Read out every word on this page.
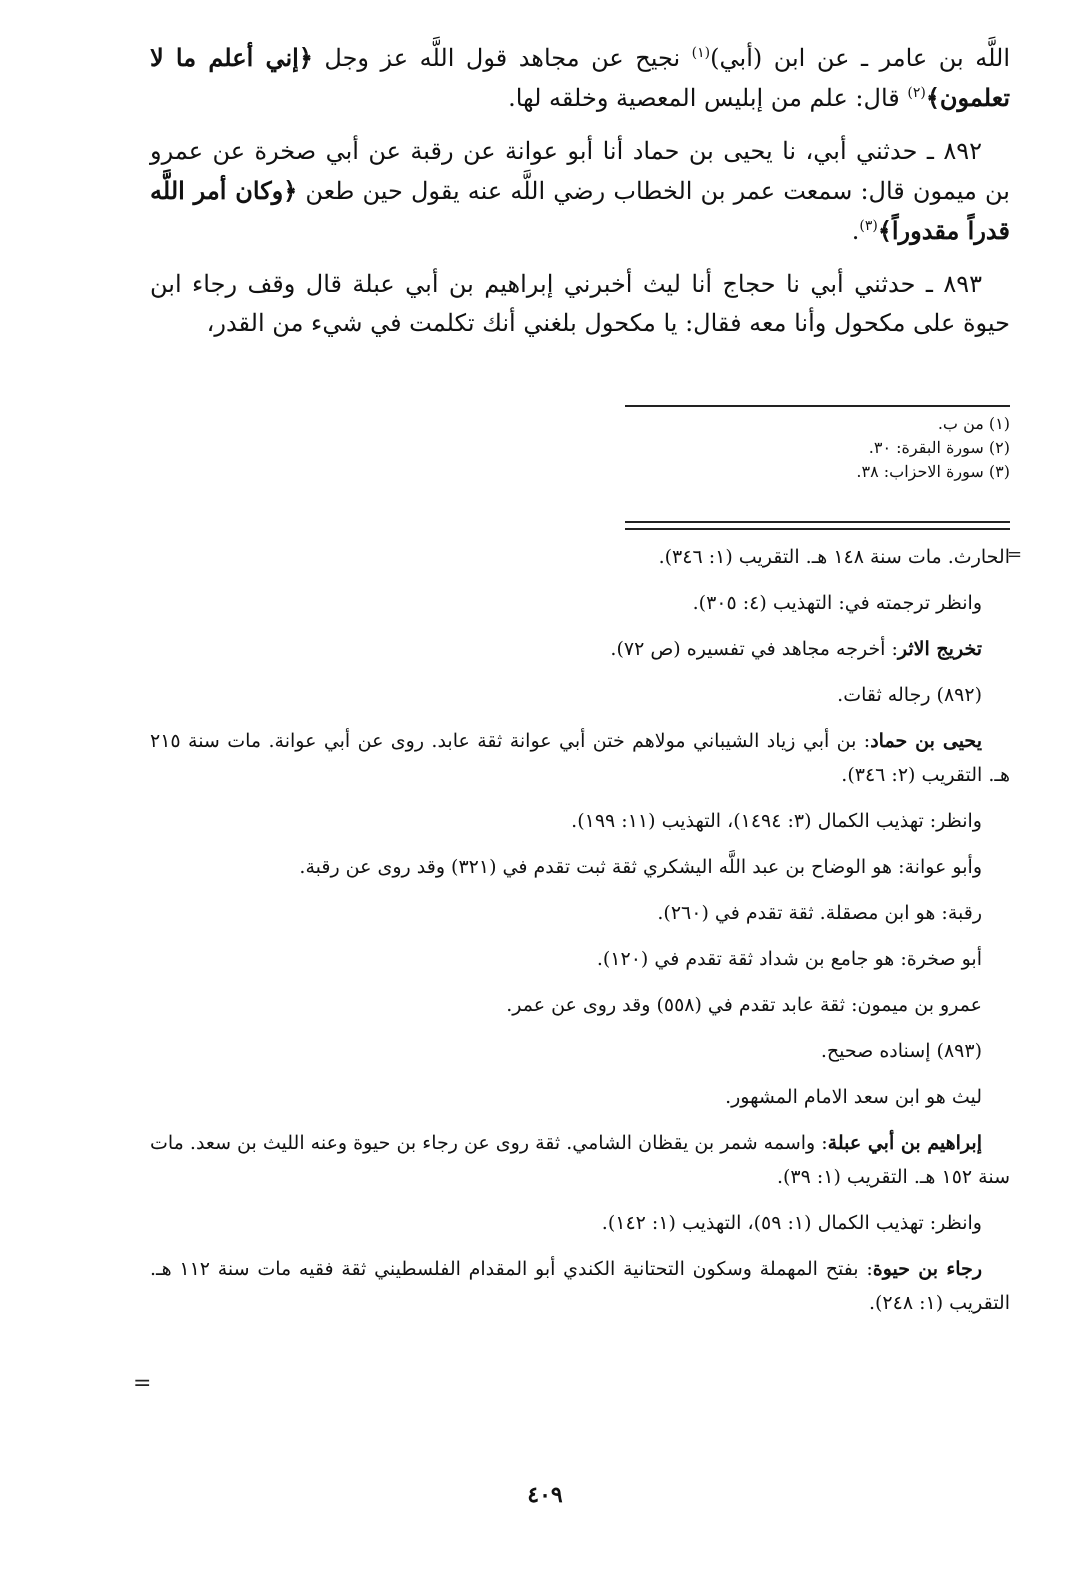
اللَّه بن عامر ـ عن ابن (أبي)$^{(١)}$ نجيح عن مجاهد قول اللَّه عز وجل ﴿إني أعلم ما لا تعلمون﴾$^{(٢)}$ قال: علم من إبليس المعصية وخلقه لها.

٨٩٢ ـ حدثني أبي، نا يحيى بن حماد أنا أبو عوانة عن رقبة عن أبي صخرة عن عمرو بن ميمون قال: سمعت عمر بن الخطاب رضي اللَّه عنه يقول حين طعن ﴿وكان أمر اللَّه قدراً مقدوراً﴾$^{(٣)}$.

٨٩٣ ـ حدثني أبي نا حجاج أنا ليث أخبرني إبراهيم بن أبي عبلة قال وقف رجاء ابن حيوة على مكحول وأنا معه فقال: يا مكحول بلغني أنك تكلمت في شيء من القدر،

(١) من ب.

(٢) سورة البقرة: ٣٠.

(٣) سورة الاحزاب: ٣٨.

=

الحارث. مات سنة ١٤٨ هـ. التقريب (١: ٣٤٦).

وانظر ترجمته في: التهذيب (٤: ٣٠٥).

تخريج الاثر: أخرجه مجاهد في تفسيره (ص ٧٢).

(٨٩٢) رجاله ثقات.

يحيى بن حماد: بن أبي زياد الشيباني مولاهم ختن أبي عوانة ثقة عابد. روى عن أبي عوانة. مات سنة ٢١٥ هـ. التقريب (٢: ٣٤٦).

وانظر: تهذيب الكمال (٣: ١٤٩٤)، التهذيب (١١: ١٩٩).

وأبو عوانة: هو الوضاح بن عبد اللَّه اليشكري ثقة ثبت تقدم في (٣٢١) وقد روى عن رقبة.

رقبة: هو ابن مصقلة. ثقة تقدم في (٢٦٠).

أبو صخرة: هو جامع بن شداد ثقة تقدم في (١٢٠).

عمرو بن ميمون: ثقة عابد تقدم في (٥٥٨) وقد روى عن عمر.

(٨٩٣) إسناده صحيح.

ليث هو ابن سعد الامام المشهور.

إبراهيم بن أبي عبلة: واسمه شمر بن يقظان الشامي. ثقة روى عن رجاء بن حيوة وعنه الليث بن سعد. مات سنة ١٥٢ هـ. التقريب (١: ٣٩).

وانظر: تهذيب الكمال (١: ٥٩)، التهذيب (١: ١٤٢).

رجاء بن حيوة: بفتح المهملة وسكون التحتانية الكندي أبو المقدام الفلسطيني ثقة فقيه مات سنة ١١٢ هـ. التقريب (١: ٢٤٨).

=
٤٠٩
